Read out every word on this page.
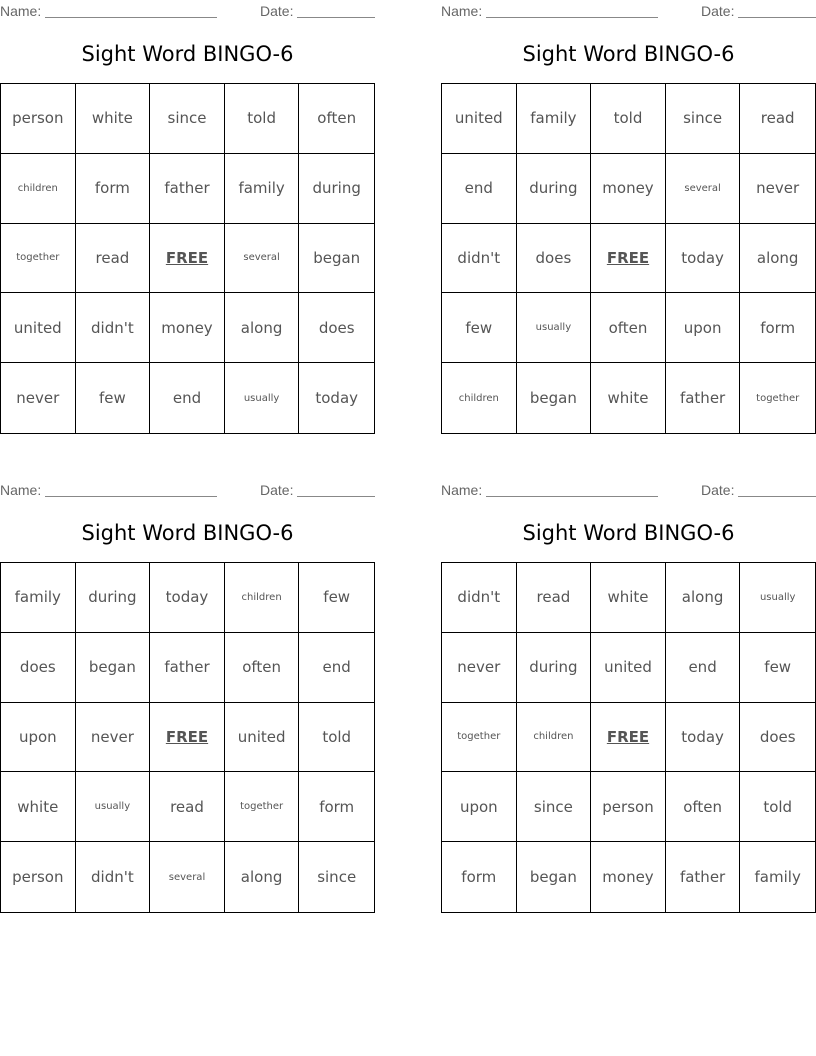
Name:	Date:
Sight Word BINGO-6
person	white	since	told	often
children	form	father	family	during
together	read	FREE	several	began
united	didn't	money	along	does
never	few	end	usually	today
Name:	Date:
Sight Word BINGO-6
united	family	told	since	read
end	during	money	several	never
didn't	does	FREE	today	along
few	usually	often	upon	form
children	began	white	father	together
Name:	Date:
Sight Word BINGO-6
family	during	today	children	few
does	began	father	often	end
upon	never	FREE	united	told
white	usually	read	together	form
person	didn't	several	along	since
Name:	Date:
Sight Word BINGO-6
didn't	read	white	along	usually
never	during	united	end	few
together	children	FREE	today	does
upon	since	person	often	told
form	began	money	father	family
